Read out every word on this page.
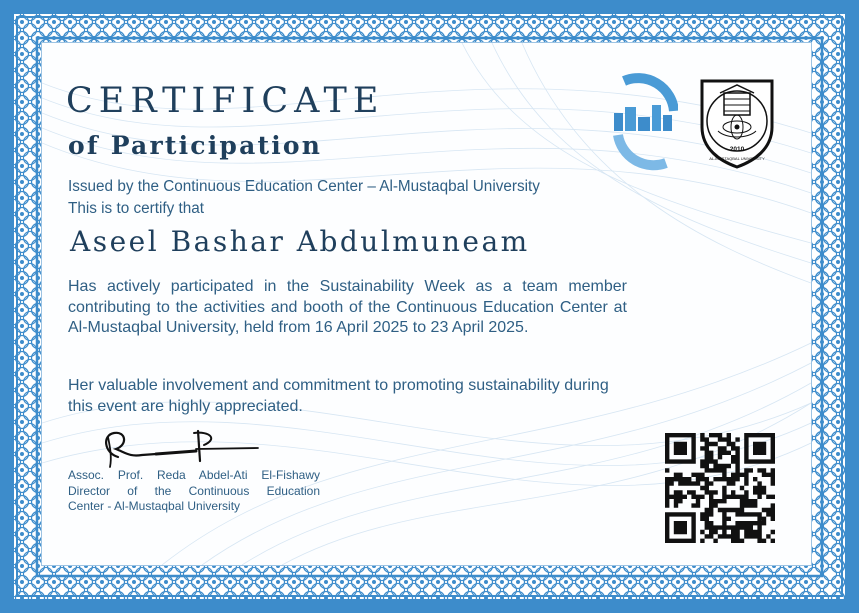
CERTIFICATE
of Participation
Issued by the Continuous Education Center – Al-Mustaqbal University
This is to certify that
Aseel Bashar Abdulmuneam

Has actively participated in the Sustainability Week as a team member contributing to the activities and booth of the Continuous Education Center at Al-Mustaqbal University, held from 16 April 2025 to 23 April 2025.

Her valuable involvement and commitment to promoting sustainability during this event are highly appreciated.

Assoc. Prof. Reda Abdel-Ati El-Fishawy
Director of the Continuous Education
Center - Al-Mustaqbal University
2010
AL-MUSTAQBAL UNIVERSITY
